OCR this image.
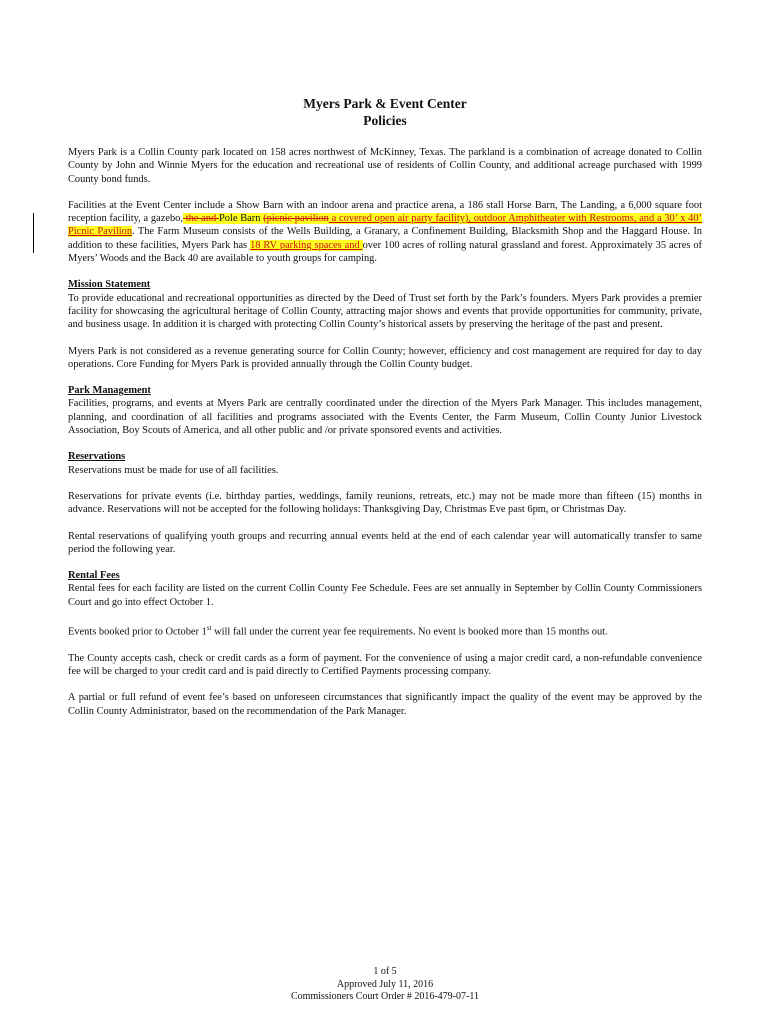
Myers Park & Event Center
Policies

Myers Park is a Collin County park located on 158 acres northwest of McKinney, Texas. The parkland is a combination of acreage donated to Collin County by John and Winnie Myers for the education and recreational use of residents of Collin County, and additional acreage purchased with 1999 County bond funds.

Facilities at the Event Center include a Show Barn with an indoor arena and practice arena, a 186 stall Horse Barn, The Landing, a 6,000 square foot reception facility, a gazebo, the and Pole Barn (picnic pavilion a covered open air party facility), outdoor Amphitheater with Restrooms, and a 30’ x 40’ Picnic Pavilion. The Farm Museum consists of the Wells Building, a Granary, a Confinement Building, Blacksmith Shop and the Haggard House. In addition to these facilities, Myers Park has 18 RV parking spaces and over 100 acres of rolling natural grassland and forest. Approximately 35 acres of Myers’ Woods and the Back 40 are available to youth groups for camping.

Mission Statement
To provide educational and recreational opportunities as directed by the Deed of Trust set forth by the Park’s founders. Myers Park provides a premier facility for showcasing the agricultural heritage of Collin County, attracting major shows and events that provide opportunities for community, private, and business usage. In addition it is charged with protecting Collin County’s historical assets by preserving the heritage of the past and present.

Myers Park is not considered as a revenue generating source for Collin County; however, efficiency and cost management are required for day to day operations. Core Funding for Myers Park is provided annually through the Collin County budget.

Park Management
Facilities, programs, and events at Myers Park are centrally coordinated under the direction of the Myers Park Manager. This includes management, planning, and coordination of all facilities and programs associated with the Events Center, the Farm Museum, Collin County Junior Livestock Association, Boy Scouts of America, and all other public and /or private sponsored events and activities.

Reservations
Reservations must be made for use of all facilities.

Reservations for private events (i.e. birthday parties, weddings, family reunions, retreats, etc.) may not be made more than fifteen (15) months in advance. Reservations will not be accepted for the following holidays: Thanksgiving Day, Christmas Eve past 6pm, or Christmas Day.

Rental reservations of qualifying youth groups and recurring annual events held at the end of each calendar year will automatically transfer to same period the following year.

Rental Fees
Rental fees for each facility are listed on the current Collin County Fee Schedule. Fees are set annually in September by Collin County Commissioners Court and go into effect October 1.

Events booked prior to October 1st will fall under the current year fee requirements. No event is booked more than 15 months out.

The County accepts cash, check or credit cards as a form of payment. For the convenience of using a major credit card, a non-refundable convenience fee will be charged to your credit card and is paid directly to Certified Payments processing company.

A partial or full refund of event fee’s based on unforeseen circumstances that significantly impact the quality of the event may be approved by the Collin County Administrator, based on the recommendation of the Park Manager.

1 of 5
Approved July 11, 2016
Commissioners Court Order # 2016-479-07-11
